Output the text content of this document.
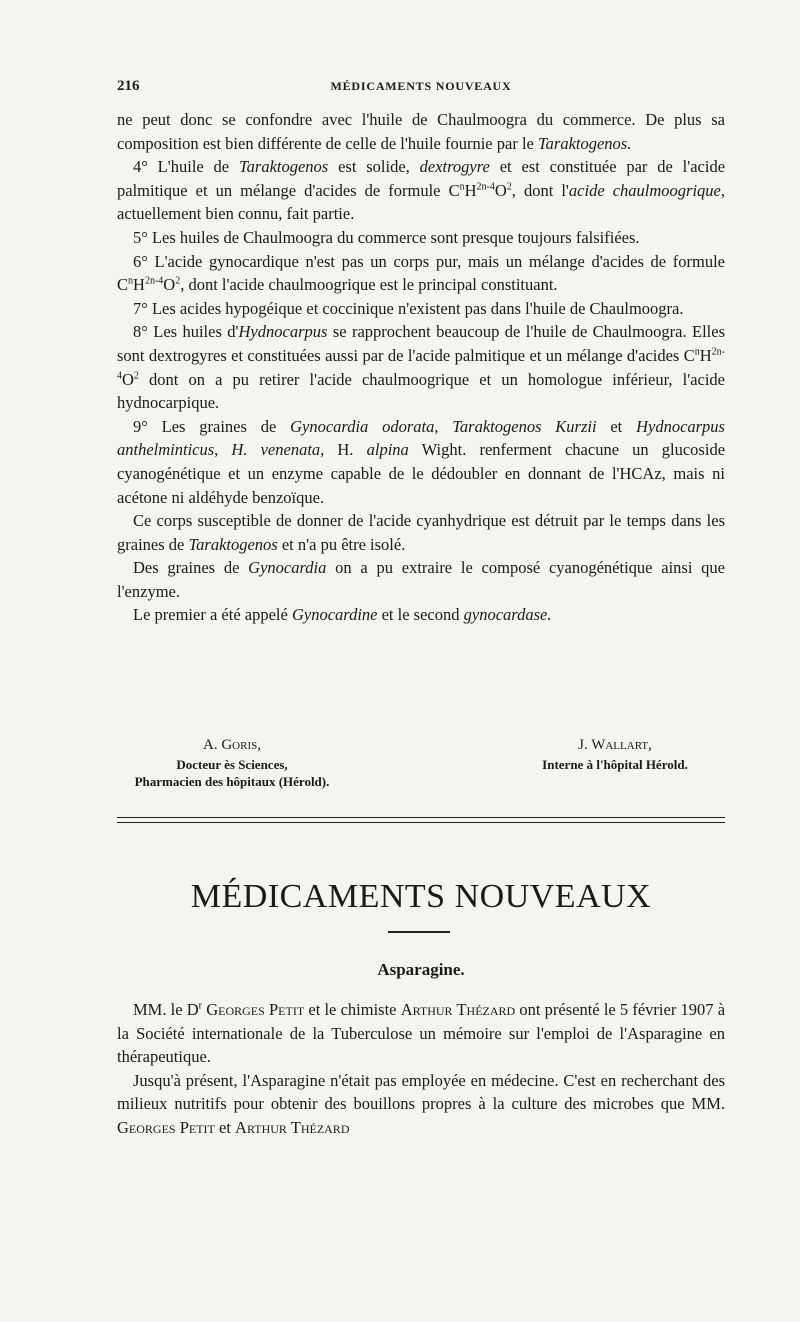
216	MÉDICAMENTS NOUVEAUX

ne peut donc se confondre avec l'huile de Chaulmoogra du commerce. De plus sa composition est bien différente de celle de l'huile fournie par le Taraktogenos.

4° L'huile de Taraktogenos est solide, dextrogyre et est constituée par de l'acide palmitique et un mélange d'acides de formule $C^nH^{2n-4}O^2$, dont l'acide chaulmoogrique, actuellement bien connu, fait partie.

5° Les huiles de Chaulmoogra du commerce sont presque toujours falsifiées.

6° L'acide gynocardique n'est pas un corps pur, mais un mélange d'acides de formule $C^nH^{2n-4}O^2$, dont l'acide chaulmoogrique est le principal constituant.

7° Les acides hypogéique et coccinique n'existent pas dans l'huile de Chaulmoogra.

8° Les huiles d'Hydnocarpus se rapprochent beaucoup de l'huile de Chaulmoogra. Elles sont dextrogyres et constituées aussi par de l'acide palmitique et un mélange d'acides $C^nH^{2n-4}O^2$ dont on a pu retirer l'acide chaulmoogrique et un homologue inférieur, l'acide hydnocarpique.

9° Les graines de Gynocardia odorata, Taraktogenos Kurzii et Hydnocarpus anthelminticus, H. venenata, H. alpina Wight. renferment chacune un glucoside cyanogénétique et un enzyme capable de le dédoubler en donnant de l'HCAz, mais ni acétone ni aldéhyde benzoïque.

Ce corps susceptible de donner de l'acide cyanhydrique est détruit par le temps dans les graines de Taraktogenos et n'a pu être isolé.

Des graines de Gynocardia on a pu extraire le composé cyanogénétique ainsi que l'enzyme.

Le premier a été appelé Gynocardine et le second gynocardase.

A. Goris,
Docteur ès Sciences,
Pharmacien des hôpitaux (Hérold).
J. Wallart,
Interne à l'hôpital Hérold.
MÉDICAMENTS NOUVEAUX
Asparagine.

MM. le $D^r$ Georges Petit et le chimiste Arthur Thézard ont présenté le 5 février 1907 à la Société internationale de la Tuberculose un mémoire sur l'emploi de l'Asparagine en thérapeutique.

Jusqu'à présent, l'Asparagine n'était pas employée en médecine. C'est en recherchant des milieux nutritifs pour obtenir des bouillons propres à la culture des microbes que MM. Georges Petit et Arthur Thézard
